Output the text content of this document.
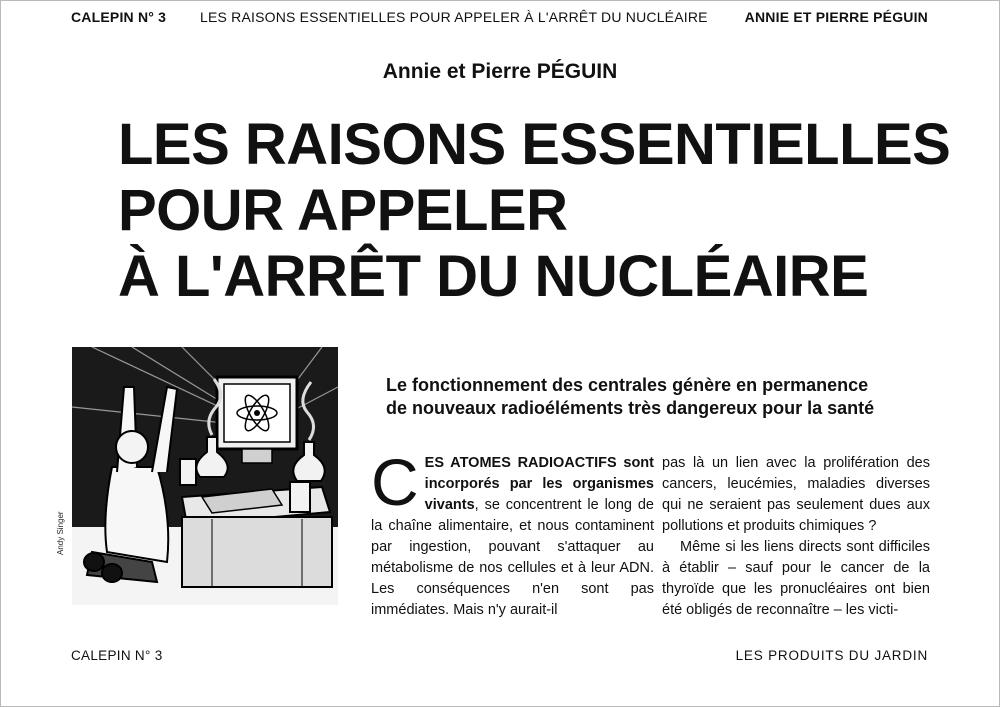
CALEPIN N° 3 LES RAISONS ESSENTIELLES POUR APPELER À L'ARRÊT DU NUCLÉAIRE	ANNIE ET PIERRE PÉGUIN
Annie et Pierre PÉGUIN
LES RAISONS ESSENTIELLES
POUR APPELER
À L'ARRÊT DU NUCLÉAIRE
Andy Singer
Le fonctionnement des centrales génère en permanence
de nouveaux radioéléments très dangereux pour la santé

CES ATOMES RADIOACTIFS sont incorporés par les organismes vivants, se concentrent le long de la chaîne alimentaire, et nous contaminent par ingestion, pouvant s'attaquer au métabolisme de nos cellules et à leur ADN. Les conséquences n'en sont pas immédiates. Mais n'y aurait-il

pas là un lien avec la prolifération des cancers, leucémies, maladies diverses qui ne seraient pas seulement dues aux pollutions et produits chimiques ?

Même si les liens directs sont difficiles à établir – sauf pour le cancer de la thyroïde que les pronucléaires ont bien été obligés de reconnaître – les victi-

CALEPIN N° 3	LES PRODUITS DU JARDIN
